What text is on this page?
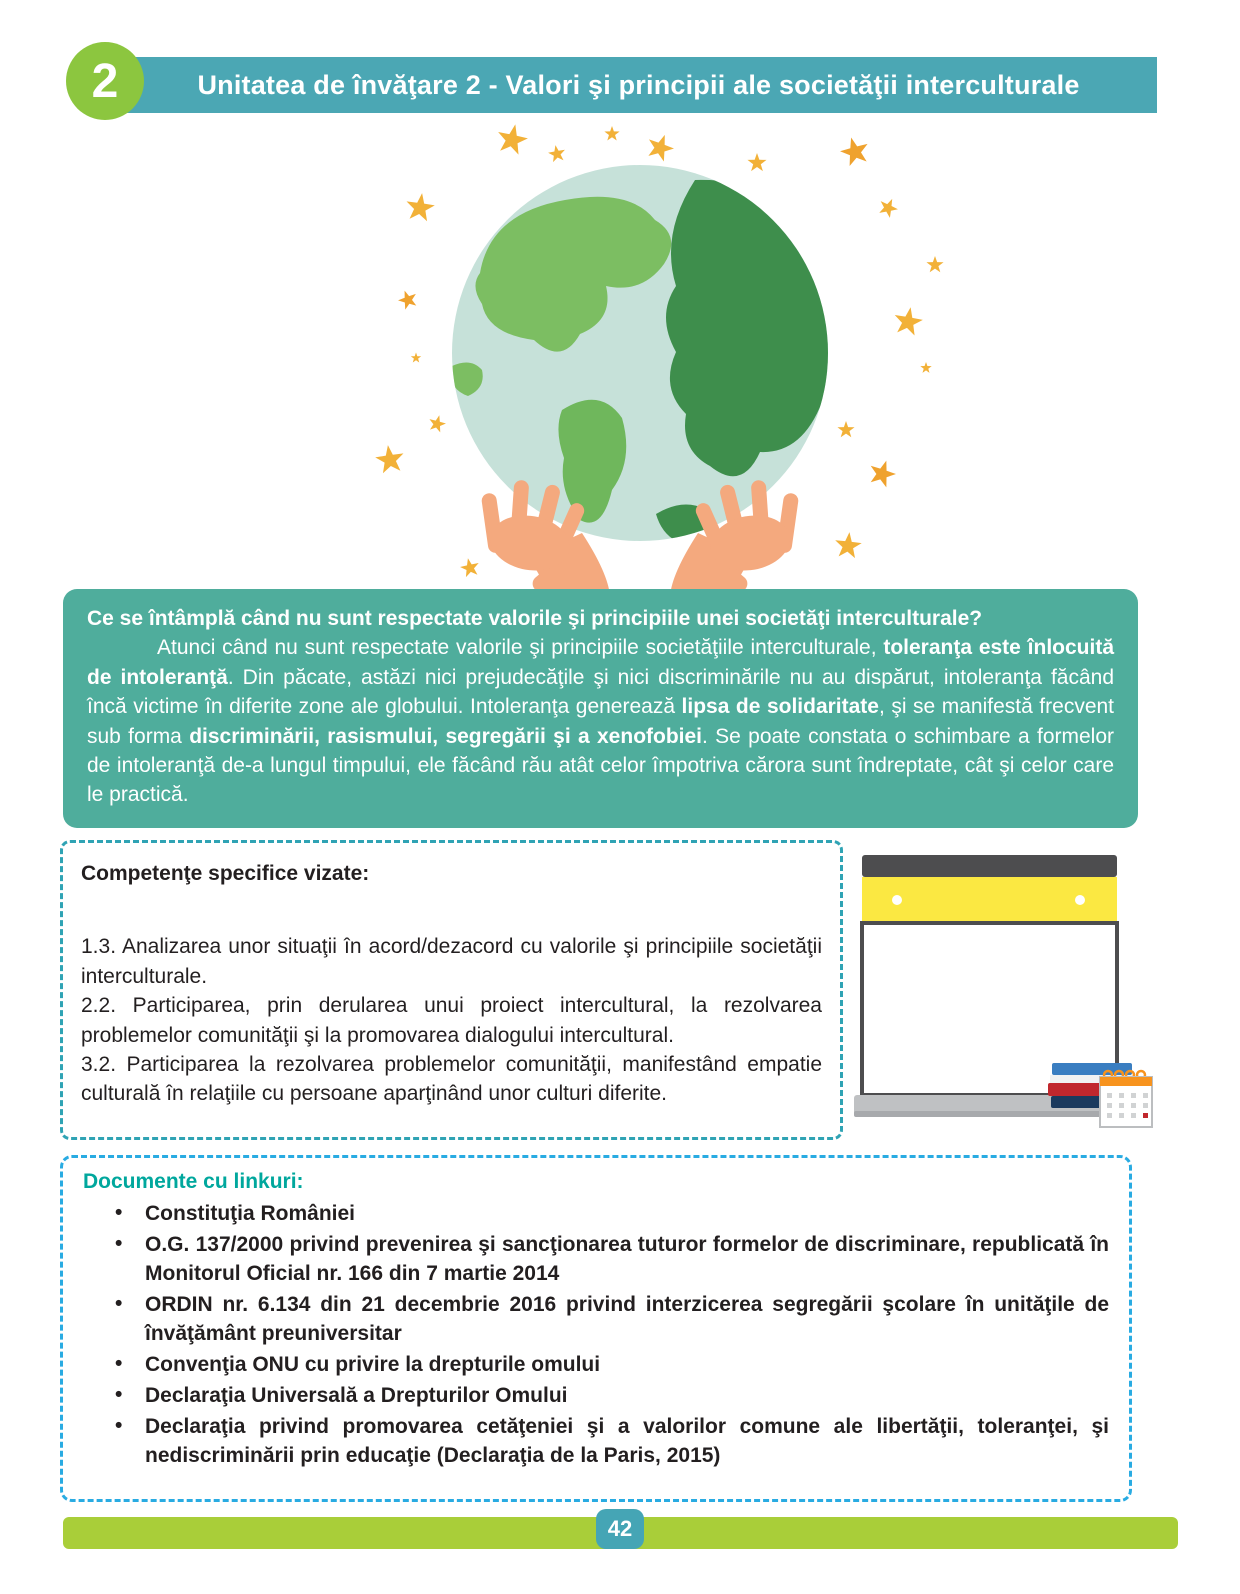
2	Unitatea de învăţare 2 - Valori şi principii ale societăţii interculturale

Ce se întâmplă când nu sunt respectate valorile şi principiile unei societăţi interculturale?

Atunci când nu sunt respectate valorile şi principiile societăţiile interculturale, toleranţa este înlocuită de intoleranţă. Din păcate, astăzi nici prejudecăţile şi nici discriminările nu au dispărut, intoleranţa făcând încă victime în diferite zone ale globului. Intoleranţa generează lipsa de solidaritate, şi se manifestă frecvent sub forma discriminării, rasismului, segregării şi a xenofobiei. Se poate constata o schimbare a formelor de intoleranţă de-a lungul timpului, ele făcând rău atât celor împotriva cărora sunt îndreptate, cât şi celor care le practică.

Competenţe specifice vizate:

1.3. Analizarea unor situaţii în acord/dezacord cu valorile şi principiile societăţii interculturale.

2.2. Participarea, prin derularea unui proiect intercultural, la rezolvarea problemelor comunităţii şi la promovarea dialogului intercultural.

3.2. Participarea la rezolvarea problemelor comunităţii, manifestând empatie culturală în relaţiile cu persoane aparţinând unor culturi diferite.

Documente cu linkuri:

• Constituţia României
• O.G. 137/2000 privind prevenirea şi sancţionarea tuturor formelor de discriminare, republicată în Monitorul Oficial nr. 166 din 7 martie 2014
• ORDIN nr. 6.134 din 21 decembrie 2016 privind interzicerea segregării şcolare în unităţile de învăţământ preuniversitar
• Convenţia ONU cu privire la drepturile omului
• Declaraţia Universală a Drepturilor Omului
• Declaraţia privind promovarea cetăţeniei şi a valorilor comune ale libertăţii, toleranţei, şi nediscriminării prin educaţie (Declaraţia de la Paris, 2015)
42
